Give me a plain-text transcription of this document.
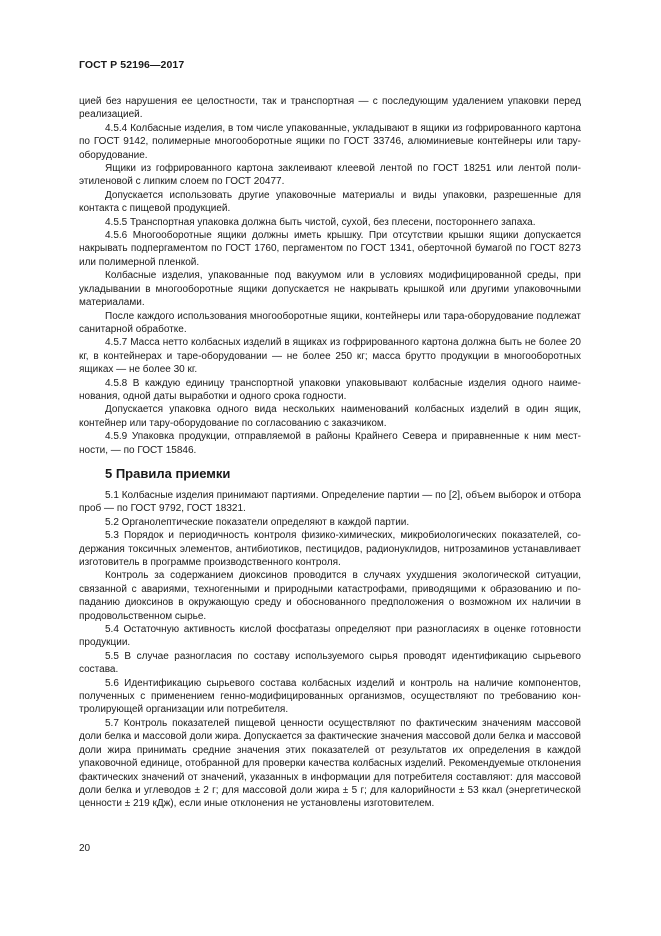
ГОСТ Р 52196—2017

цией без нарушения ее целостности, так и транспортная — с последующим удалением упаковки перед реализацией.

4.5.4 Колбасные изделия, в том числе упакованные, укладывают в ящики из гофрированного картона по ГОСТ 9142, полимерные многооборотные ящики по ГОСТ 33746, алюминиевые контейнеры или тару-оборудование.

Ящики из гофрированного картона заклеивают клеевой лентой по ГОСТ 18251 или лентой полиэтиленовой с липким слоем по ГОСТ 20477.

Допускается использовать другие упаковочные материалы и виды упаковки, разрешенные для контакта с пищевой продукцией.

4.5.5 Транспортная упаковка должна быть чистой, сухой, без плесени, постороннего запаха.

4.5.6 Многооборотные ящики должны иметь крышку. При отсутствии крышки ящики допускается накрывать подпергаментом по ГОСТ 1760, пергаментом по ГОСТ 1341, оберточной бумагой по ГОСТ 8273 или полимерной пленкой.

Колбасные изделия, упакованные под вакуумом или в условиях модифицированной среды, при укладывании в многооборотные ящики допускается не накрывать крышкой или другими упаковочными материалами.

После каждого использования многооборотные ящики, контейнеры или тара-оборудование подлежат санитарной обработке.

4.5.7 Масса нетто колбасных изделий в ящиках из гофрированного картона должна быть не более 20 кг, в контейнерах и таре-оборудовании — не более 250 кг; масса брутто продукции в многооборотных ящиках — не более 30 кг.

4.5.8 В каждую единицу транспортной упаковки упаковывают колбасные изделия одного наименования, одной даты выработки и одного срока годности.

Допускается упаковка одного вида нескольких наименований колбасных изделий в один ящик, контейнер или тару-оборудование по согласованию с заказчиком.

4.5.9 Упаковка продукции, отправляемой в районы Крайнего Севера и приравненные к ним местности, — по ГОСТ 15846.

5 Правила приемки

5.1 Колбасные изделия принимают партиями. Определение партии — по [2], объем выборок и отбора проб — по ГОСТ 9792, ГОСТ 18321.

5.2 Органолептические показатели определяют в каждой партии.

5.3 Порядок и периодичность контроля физико-химических, микробиологических показателей, содержания токсичных элементов, антибиотиков, пестицидов, радионуклидов, нитрозаминов устанавливает изготовитель в программе производственного контроля.

Контроль за содержанием диоксинов проводится в случаях ухудшения экологической ситуации, связанной с авариями, техногенными и природными катастрофами, приводящими к образованию и попаданию диоксинов в окружающую среду и обоснованного предположения о возможном их наличии в продовольственном сырье.

5.4 Остаточную активность кислой фосфатазы определяют при разногласиях в оценке готовности продукции.

5.5 В случае разногласия по составу используемого сырья проводят идентификацию сырьевого состава.

5.6 Идентификацию сырьевого состава колбасных изделий и контроль на наличие компонентов, полученных с применением генно-модифицированных организмов, осуществляют по требованию контролирующей организации или потребителя.

5.7 Контроль показателей пищевой ценности осуществляют по фактическим значениям массовой доли белка и массовой доли жира. Допускается за фактические значения массовой доли белка и массовой доли жира принимать средние значения этих показателей от результатов их определения в каждой упаковочной единице, отобранной для проверки качества колбасных изделий. Рекомендуемые отклонения фактических значений от значений, указанных в информации для потребителя составляют: для массовой доли белка и углеводов ± 2 г; для массовой доли жира ± 5 г; для калорийности ± 53 ккал (энергетической ценности ± 219 кДж), если иные отклонения не установлены изготовителем.

20
